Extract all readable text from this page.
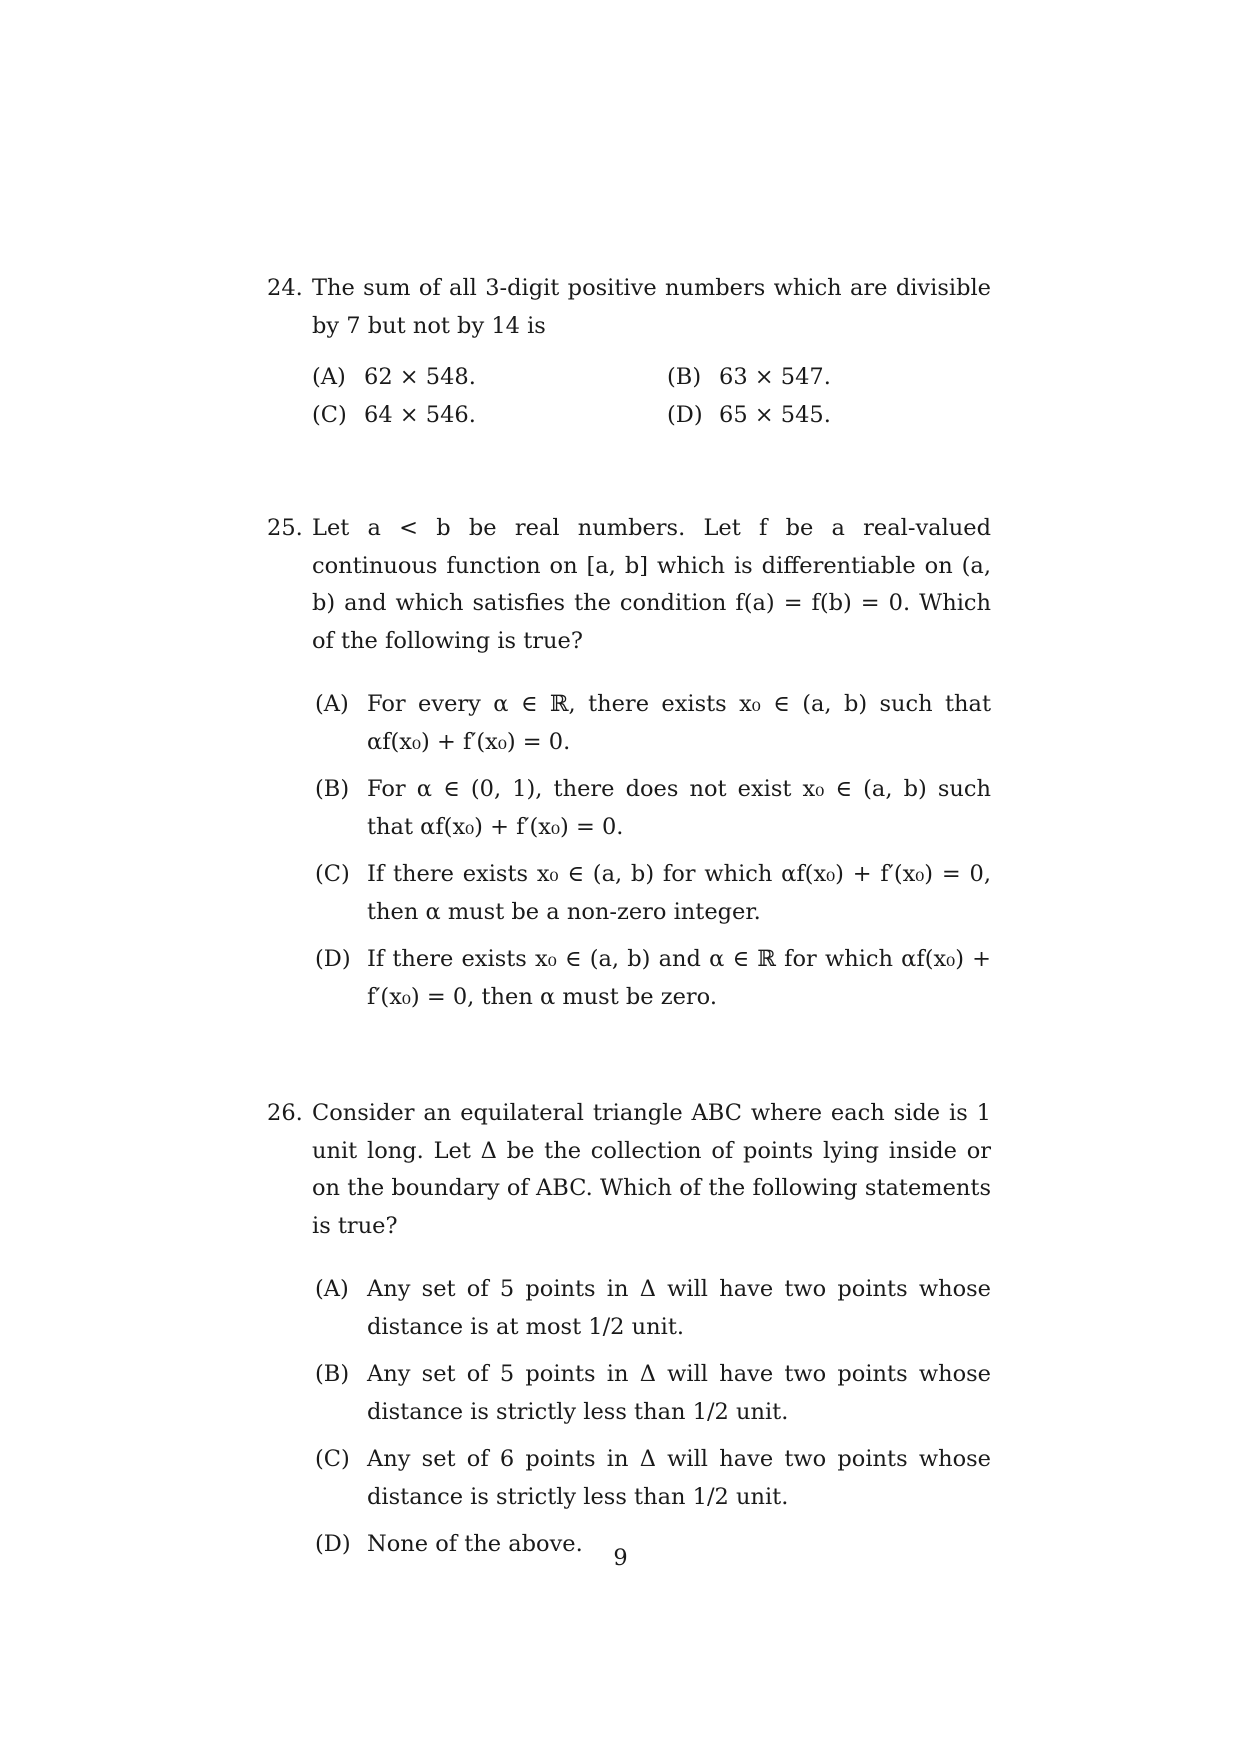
24. The sum of all 3-digit positive numbers which are divisible by 7 but not by 14 is
(A) 62 × 548.	(B) 63 × 547.
(C) 64 × 546.	(D) 65 × 545.
25. Let a < b be real numbers. Let f be a real-valued continuous function on [a, b] which is differentiable on (a, b) and which satisfies the condition f(a) = f(b) = 0. Which of the following is true?
(A) For every α ∈ ℝ, there exists x₀ ∈ (a, b) such that αf(x₀) + f′(x₀) = 0.
(B) For α ∈ (0, 1), there does not exist x₀ ∈ (a, b) such that αf(x₀) + f′(x₀) = 0.
(C) If there exists x₀ ∈ (a, b) for which αf(x₀) + f′(x₀) = 0, then α must be a non-zero integer.
(D) If there exists x₀ ∈ (a, b) and α ∈ ℝ for which αf(x₀) + f′(x₀) = 0, then α must be zero.
26. Consider an equilateral triangle ABC where each side is 1 unit long. Let Δ be the collection of points lying inside or on the boundary of ABC. Which of the following statements is true?
(A) Any set of 5 points in Δ will have two points whose distance is at most 1/2 unit.
(B) Any set of 5 points in Δ will have two points whose distance is strictly less than 1/2 unit.
(C) Any set of 6 points in Δ will have two points whose distance is strictly less than 1/2 unit.
(D) None of the above.
9
